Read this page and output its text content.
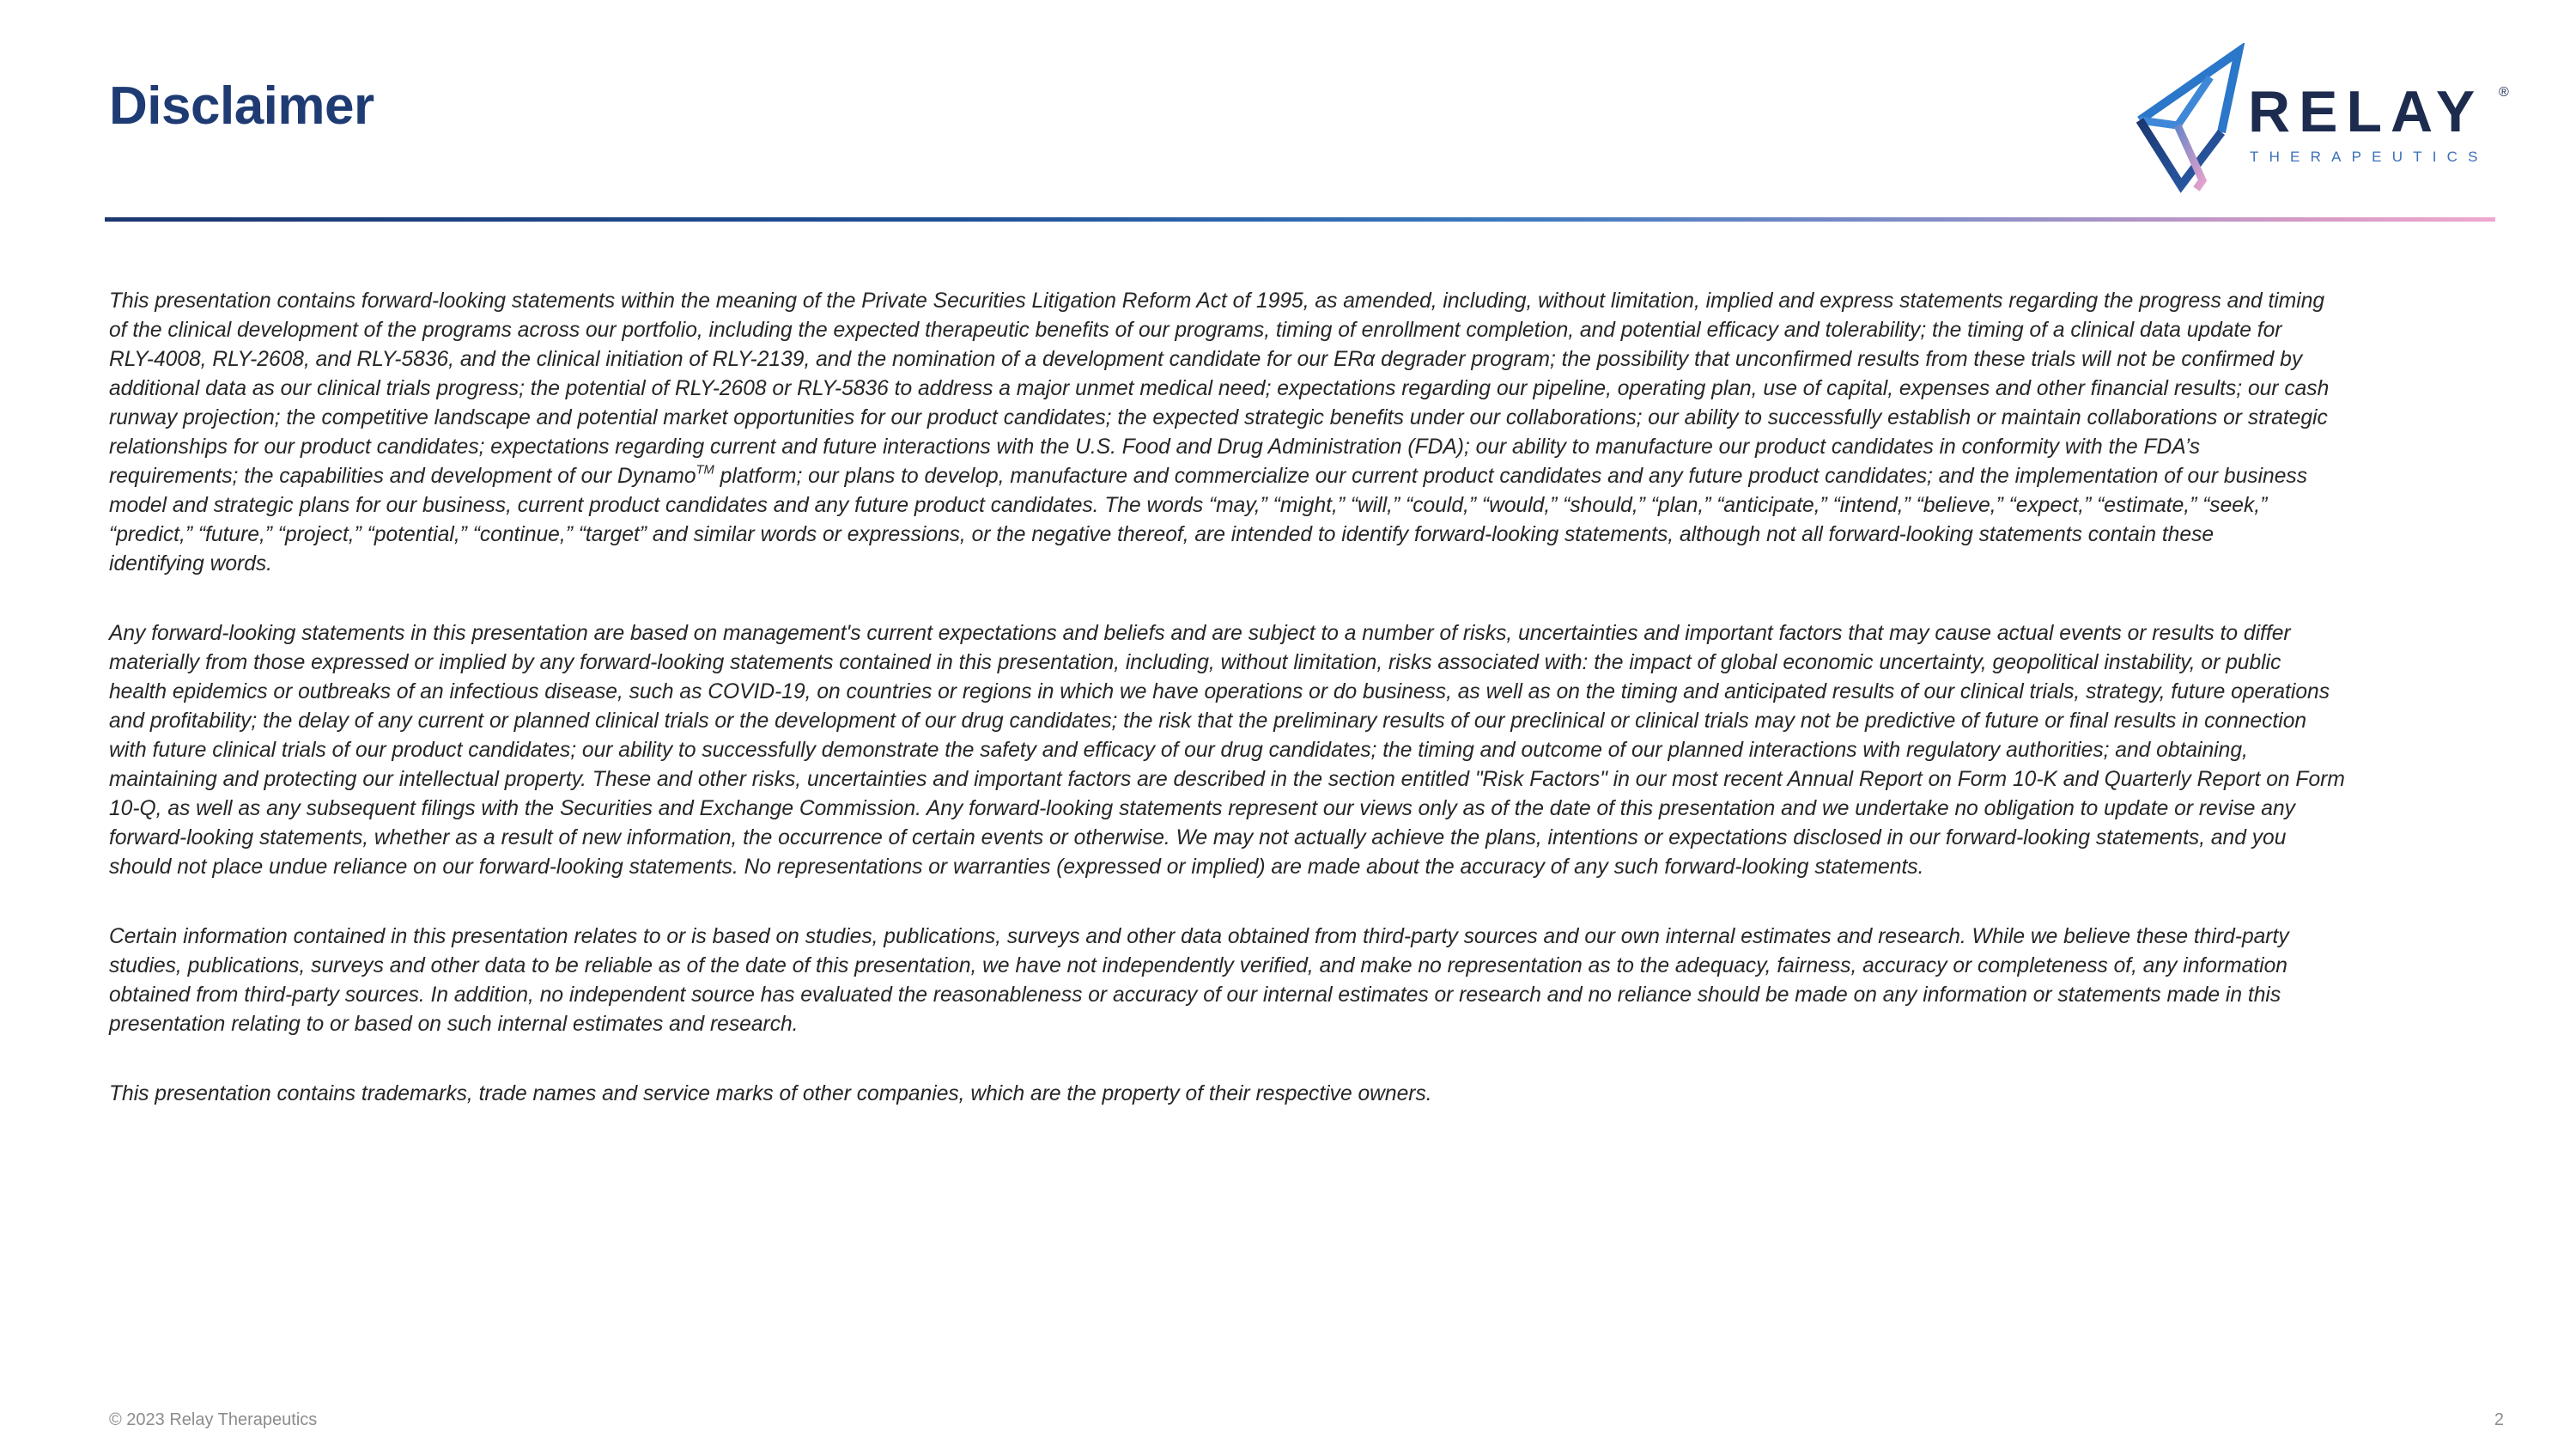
Disclaimer	RELAY ®
THERAPEUTICS

This presentation contains forward-looking statements within the meaning of the Private Securities Litigation Reform Act of 1995, as amended, including, without limitation, implied and express statements regarding the progress and timing
of the clinical development of the programs across our portfolio, including the expected therapeutic benefits of our programs, timing of enrollment completion, and potential efficacy and tolerability; the timing of a clinical data update for
RLY-4008, RLY-2608, and RLY-5836, and the clinical initiation of RLY-2139, and the nomination of a development candidate for our ERα degrader program; the possibility that unconfirmed results from these trials will not be confirmed by
additional data as our clinical trials progress; the potential of RLY-2608 or RLY-5836 to address a major unmet medical need; expectations regarding our pipeline, operating plan, use of capital, expenses and other financial results; our cash
runway projection; the competitive landscape and potential market opportunities for our product candidates; the expected strategic benefits under our collaborations; our ability to successfully establish or maintain collaborations or strategic
relationships for our product candidates; expectations regarding current and future interactions with the U.S. Food and Drug Administration (FDA); our ability to manufacture our product candidates in conformity with the FDA’s
requirements; the capabilities and development of our Dynamo™ platform; our plans to develop, manufacture and commercialize our current product candidates and any future product candidates; and the implementation of our business
model and strategic plans for our business, current product candidates and any future product candidates. The words “may,” “might,” “will,” “could,” “would,” “should,” “plan,” “anticipate,” “intend,” “believe,” “expect,” “estimate,” “seek,”
“predict,” “future,” “project,” “potential,” “continue,” “target” and similar words or expressions, or the negative thereof, are intended to identify forward-looking statements, although not all forward-looking statements contain these
identifying words.

Any forward-looking statements in this presentation are based on management's current expectations and beliefs and are subject to a number of risks, uncertainties and important factors that may cause actual events or results to differ
materially from those expressed or implied by any forward-looking statements contained in this presentation, including, without limitation, risks associated with: the impact of global economic uncertainty, geopolitical instability, or public
health epidemics or outbreaks of an infectious disease, such as COVID-19, on countries or regions in which we have operations or do business, as well as on the timing and anticipated results of our clinical trials, strategy, future operations
and profitability; the delay of any current or planned clinical trials or the development of our drug candidates; the risk that the preliminary results of our preclinical or clinical trials may not be predictive of future or final results in connection
with future clinical trials of our product candidates; our ability to successfully demonstrate the safety and efficacy of our drug candidates; the timing and outcome of our planned interactions with regulatory authorities; and obtaining,
maintaining and protecting our intellectual property. These and other risks, uncertainties and important factors are described in the section entitled "Risk Factors" in our most recent Annual Report on Form 10-K and Quarterly Report on Form
10-Q, as well as any subsequent filings with the Securities and Exchange Commission. Any forward-looking statements represent our views only as of the date of this presentation and we undertake no obligation to update or revise any
forward-looking statements, whether as a result of new information, the occurrence of certain events or otherwise. We may not actually achieve the plans, intentions or expectations disclosed in our forward-looking statements, and you
should not place undue reliance on our forward-looking statements. No representations or warranties (expressed or implied) are made about the accuracy of any such forward-looking statements.

Certain information contained in this presentation relates to or is based on studies, publications, surveys and other data obtained from third-party sources and our own internal estimates and research. While we believe these third-party
studies, publications, surveys and other data to be reliable as of the date of this presentation, we have not independently verified, and make no representation as to the adequacy, fairness, accuracy or completeness of, any information
obtained from third-party sources. In addition, no independent source has evaluated the reasonableness or accuracy of our internal estimates or research and no reliance should be made on any information or statements made in this
presentation relating to or based on such internal estimates and research.

This presentation contains trademarks, trade names and service marks of other companies, which are the property of their respective owners.

© 2023 Relay Therapeutics	2
